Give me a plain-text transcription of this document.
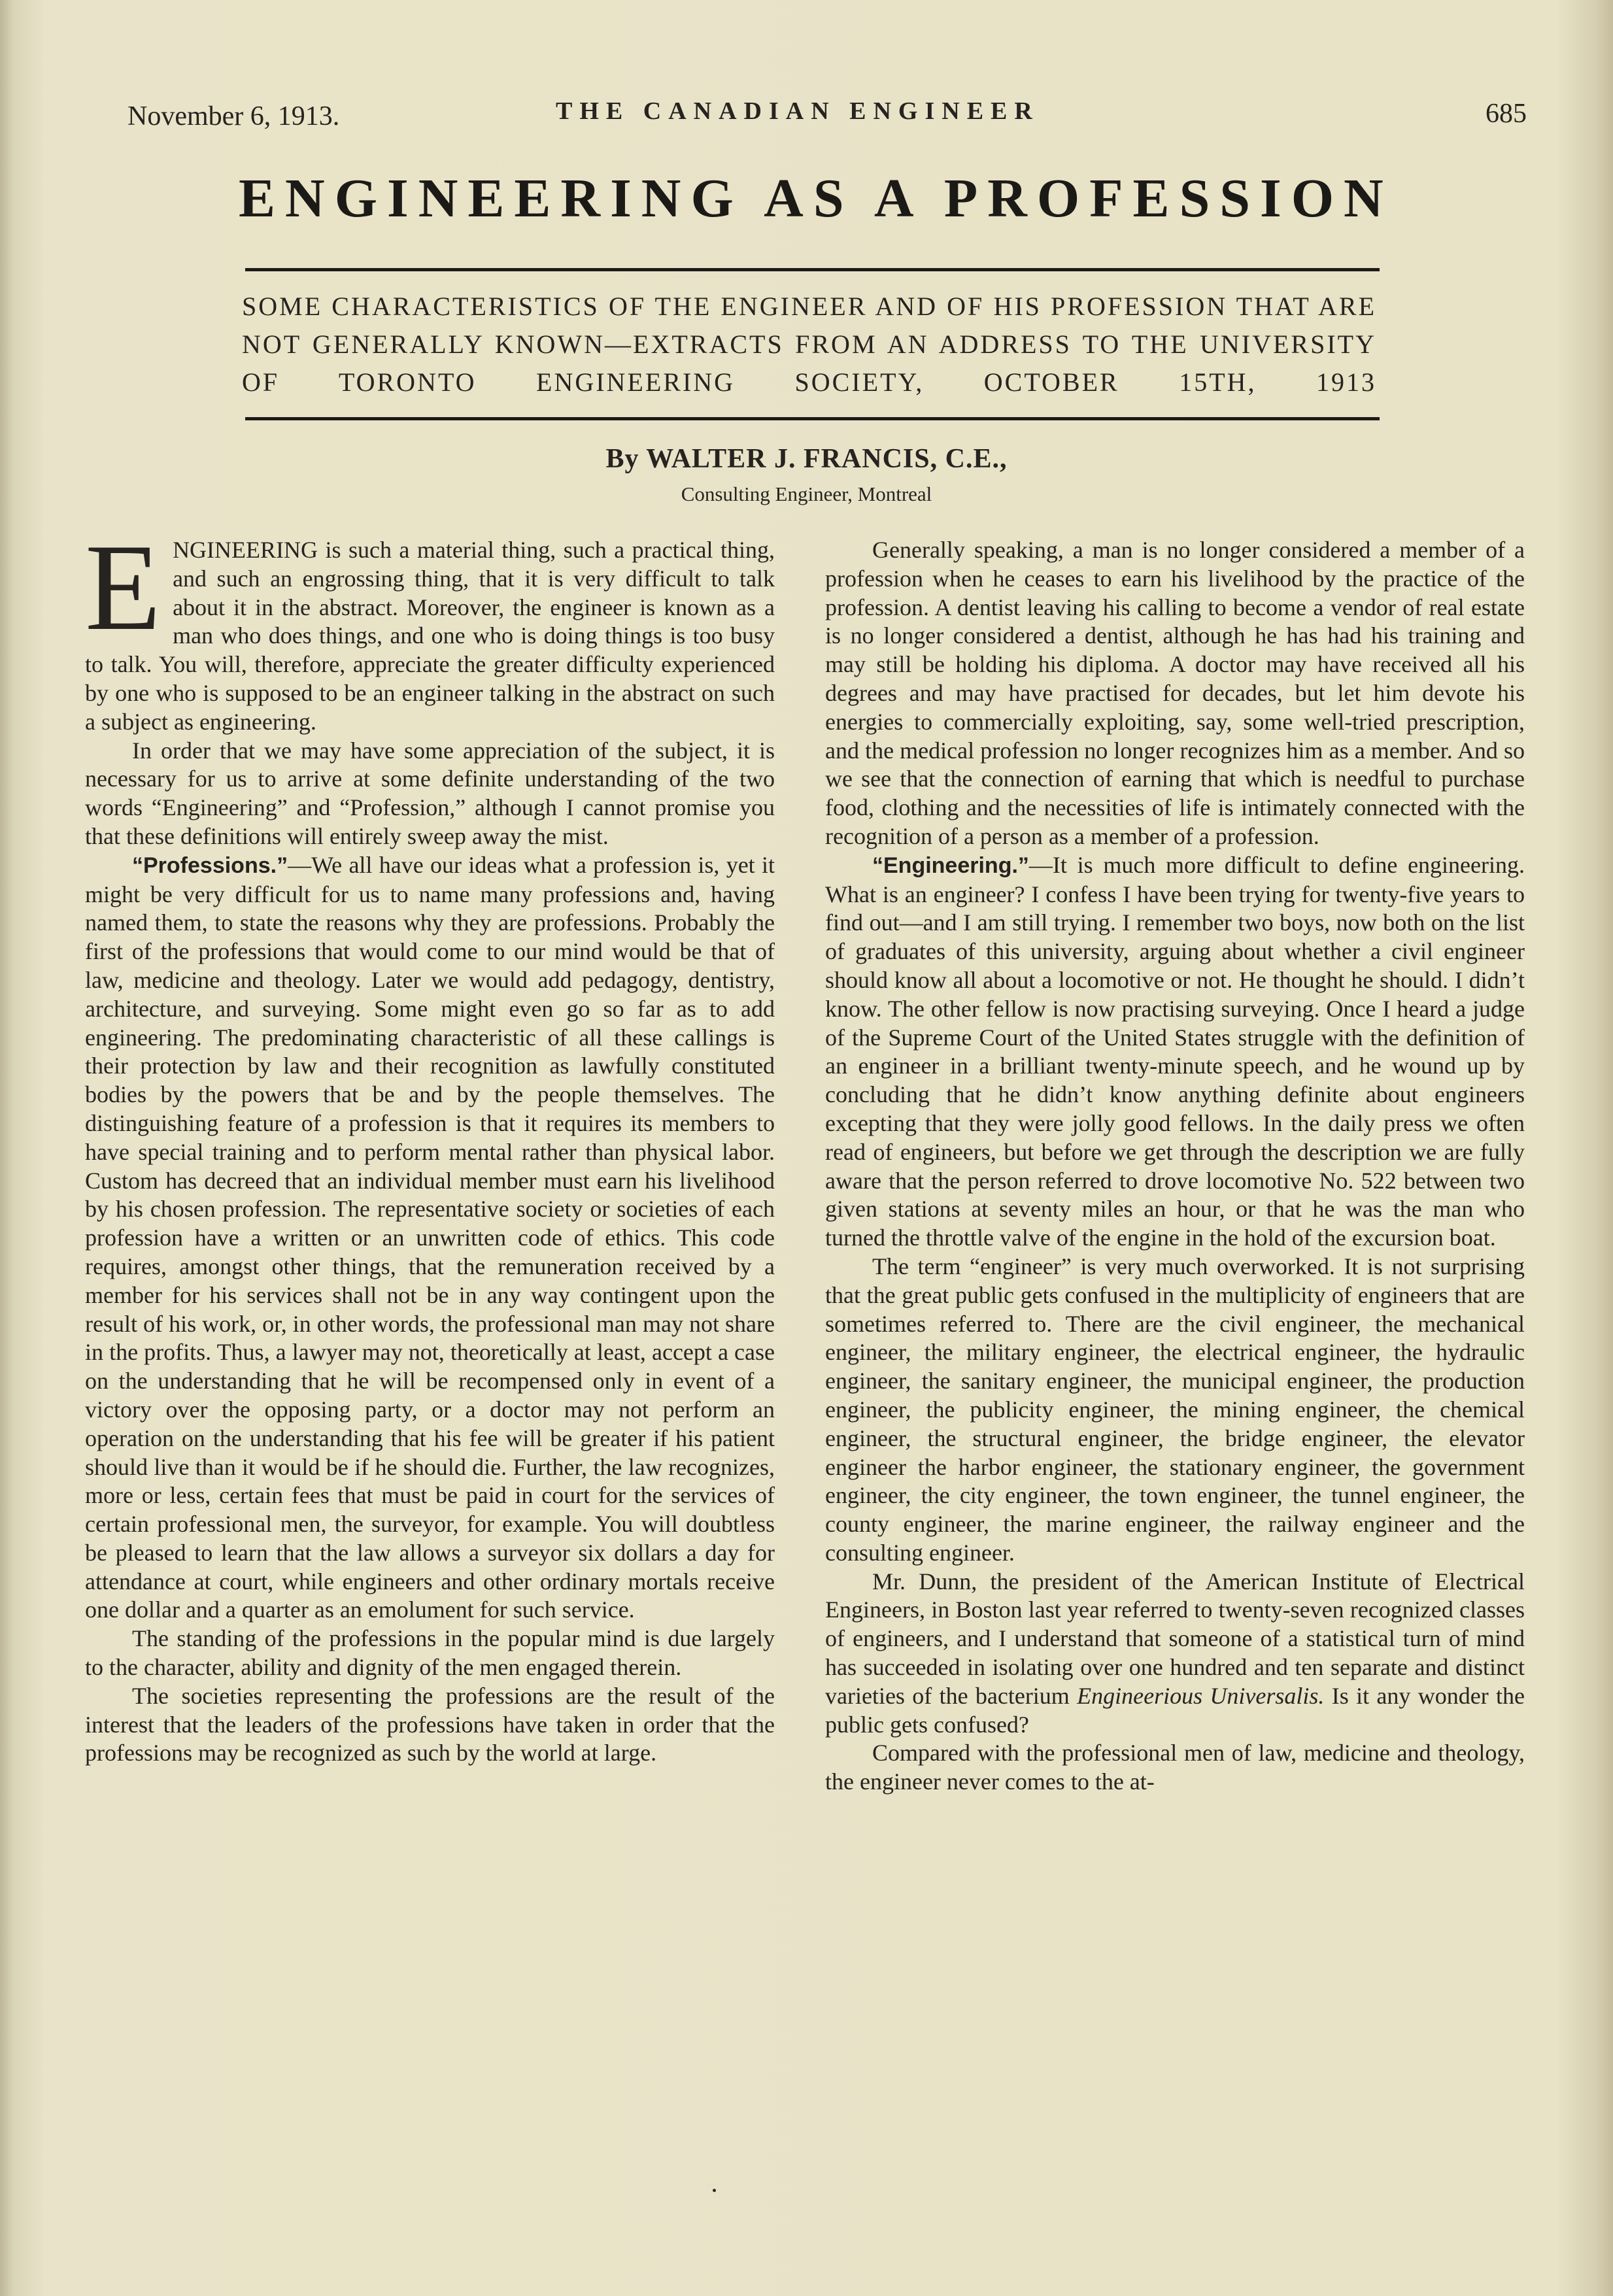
November 6, 1913.	THE CANADIAN ENGINEER	685
ENGINEERING AS A PROFESSION
SOME CHARACTERISTICS OF THE ENGINEER AND OF HIS PROFESSION THAT ARE NOT GENERALLY KNOWN—EXTRACTS FROM AN ADDRESS TO THE UNIVERSITY OF TORONTO ENGINEERING SOCIETY, OCTOBER 15TH, 1913
By WALTER J. FRANCIS, C.E.,
Consulting Engineer, Montreal

ENGINEERING is such a material thing, such a practical thing, and such an engrossing thing, that it is very difficult to talk about it in the abstract. Moreover, the engineer is known as a man who does things, and one who is doing things is too busy to talk. You will, therefore, appreciate the greater difficulty experienced by one who is supposed to be an engineer talking in the abstract on such a subject as engineering.

In order that we may have some appreciation of the subject, it is necessary for us to arrive at some definite understanding of the two words “Engineering” and “Profession,” although I cannot promise you that these definitions will entirely sweep away the mist.

“Professions.”—We all have our ideas what a profession is, yet it might be very difficult for us to name many professions and, having named them, to state the reasons why they are professions. Probably the first of the professions that would come to our mind would be that of law, medicine and theology. Later we would add pedagogy, dentistry, architecture, and surveying. Some might even go so far as to add engineering. The predominating characteristic of all these callings is their protection by law and their recognition as lawfully constituted bodies by the powers that be and by the people themselves. The distinguishing feature of a profession is that it requires its members to have special training and to perform mental rather than physical labor. Custom has decreed that an individual member must earn his livelihood by his chosen profession. The representative society or societies of each profession have a written or an unwritten code of ethics. This code requires, amongst other things, that the remuneration received by a member for his services shall not be in any way contingent upon the result of his work, or, in other words, the professional man may not share in the profits. Thus, a lawyer may not, theoretically at least, accept a case on the understanding that he will be recompensed only in event of a victory over the opposing party, or a doctor may not perform an operation on the understanding that his fee will be greater if his patient should live than it would be if he should die. Further, the law recognizes, more or less, certain fees that must be paid in court for the services of certain professional men, the surveyor, for example. You will doubtless be pleased to learn that the law allows a surveyor six dollars a day for attendance at court, while engineers and other ordinary mortals receive one dollar and a quarter as an emolument for such service.

The standing of the professions in the popular mind is due largely to the character, ability and dignity of the men engaged therein.

The societies representing the professions are the result of the interest that the leaders of the professions have taken in order that the professions may be recognized as such by the world at large.

Generally speaking, a man is no longer considered a member of a profession when he ceases to earn his livelihood by the practice of the profession. A dentist leaving his calling to become a vendor of real estate is no longer considered a dentist, although he has had his training and may still be holding his diploma. A doctor may have received all his degrees and may have practised for decades, but let him devote his energies to commercially exploiting, say, some well-tried prescription, and the medical profession no longer recognizes him as a member. And so we see that the connection of earning that which is needful to purchase food, clothing and the necessities of life is intimately connected with the recognition of a person as a member of a profession.

“Engineering.”—It is much more difficult to define engineering. What is an engineer? I confess I have been trying for twenty-five years to find out—and I am still trying. I remember two boys, now both on the list of graduates of this university, arguing about whether a civil engineer should know all about a locomotive or not. He thought he should. I didn’t know. The other fellow is now practising surveying. Once I heard a judge of the Supreme Court of the United States struggle with the definition of an engineer in a brilliant twenty-minute speech, and he wound up by concluding that he didn’t know anything definite about engineers excepting that they were jolly good fellows. In the daily press we often read of engineers, but before we get through the description we are fully aware that the person referred to drove locomotive No. 522 between two given stations at seventy miles an hour, or that he was the man who turned the throttle valve of the engine in the hold of the excursion boat.

The term “engineer” is very much overworked. It is not surprising that the great public gets confused in the multiplicity of engineers that are sometimes referred to. There are the civil engineer, the mechanical engineer, the military engineer, the electrical engineer, the hydraulic engineer, the sanitary engineer, the municipal engineer, the production engineer, the publicity engineer, the mining engineer, the chemical engineer, the structural engineer, the bridge engineer, the elevator engineer the harbor engineer, the stationary engineer, the government engineer, the city engineer, the town engineer, the tunnel engineer, the county engineer, the marine engineer, the railway engineer and the consulting engineer.

Mr. Dunn, the president of the American Institute of Electrical Engineers, in Boston last year referred to twenty-seven recognized classes of engineers, and I understand that someone of a statistical turn of mind has succeeded in isolating over one hundred and ten separate and distinct varieties of the bacterium Engineerious Universalis. Is it any wonder the public gets confused?

Compared with the professional men of law, medicine and theology, the engineer never comes to the at-
